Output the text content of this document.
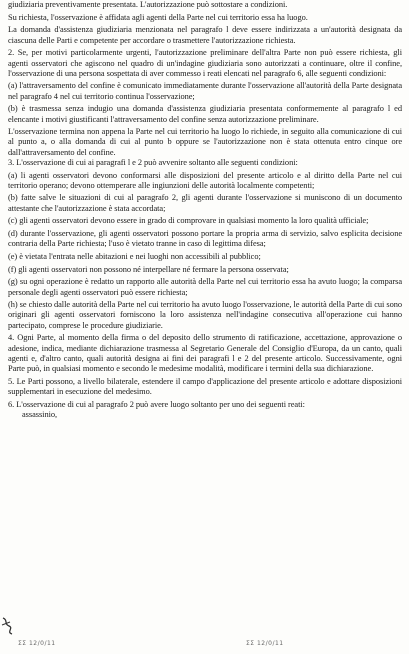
giudiziaria preventivamente presentata. L'autorizzazione può sottostare a condizioni.

Su richiesta, l'osservazione è affidata agli agenti della Parte nel cui territorio essa ha luogo.

La domanda d'assistenza giudiziaria menzionata nel paragrafo l deve essere indirizzata a un'autorità designata da ciascuna delle Parti e competente per accordare o trasmettere l'autorizzazione richiesta.

2. Se, per motivi particolarmente urgenti, l'autorizzazione preliminare dell'altra Parte non può essere richiesta, gli agenti osservatori che agiscono nel quadro di un'indagine giudiziaria sono autorizzati a continuare, oltre il confine, l'osservazione di una persona sospettata di aver commesso i reati elencati nel paragrafo 6, alle seguenti condizioni:

(a) l'attraversamento del confine è comunicato immediatamente durante l'osservazione all'autorità della Parte designata nel paragrafo 4 nel cui territorio continua l'osservazione;

(b) è trasmessa senza indugio una domanda d'assistenza giudiziaria presentata conformemente al paragrafo l ed elencante i motivi giustificanti l'attraversamento del confine senza autorizzazione preliminare.

L'osservazione termina non appena la Parte nel cui territorio ha luogo lo richiede, in seguito alla comunicazione di cui al punto a, o alla domanda di cui al punto b oppure se l'autorizzazione non è stata ottenuta entro cinque ore dall'attraversamento del confine.

3. L'osservazione di cui ai paragrafi l e 2 può avvenire soltanto alle seguenti condizioni:

(a) li agenti osservatori devono conformarsi alle disposizioni del presente articolo e al diritto della Parte nel cui territorio operano; devono ottemperare alle ingiunzioni delle autorità localmente competenti;

(b) fatte salve le situazioni di cui al paragrafo 2, gli agenti durante l'osservazione si muniscono di un documento attestante che l'autorizzazione è stata accordata;

(c) gli agenti osservatori devono essere in grado di comprovare in qualsiasi momento la loro qualità ufficiale;

(d) durante l'osservazione, gli agenti osservatori possono portare la propria arma di servizio, salvo esplicita decisione contraria della Parte richiesta; l'uso è vietato tranne in caso di legittima difesa;

(e) è vietata l'entrata nelle abitazioni e nei luoghi non accessibili al pubblico;

(f) gli agenti osservatori non possono né interpellare né fermare la persona osservata;

(g) su ogni operazione è redatto un rapporto alle autorità della Parte nel cui territorio essa ha avuto luogo; la comparsa personale degli agenti osservatori può essere richiesta;

(h) se chiesto dalle autorità della Parte nel cui territorio ha avuto luogo l'osservazione, le autorità della Parte di cui sono originari gli agenti osservatori forniscono la loro assistenza nell'indagine consecutiva all'operazione cui hanno partecipato, comprese le procedure giudiziarie.

4. Ogni Parte, al momento della firma o del deposito dello strumento di ratificazione, accettazione, approvazione o adesione, indica, mediante dichiarazione trasmessa al Segretario Generale del Consiglio d'Europa, da un canto, quali agenti e, d'altro canto, quali autorità designa ai fini dei paragrafi l e 2 del presente articolo. Successivamente, ogni Parte può, in qualsiasi momento e secondo le medesime modalità, modificare i termini della sua dichiarazione.

5. Le Parti possono, a livello bilaterale, estendere il campo d'applicazione del presente articolo e adottare disposizioni supplementari in esecuzione del medesimo.

6. L'osservazione di cui al paragrafo 2 può avere luogo soltanto per uno dei seguenti reati:

assassinio,

ΣΣ 12/0/11	ΣΣ 12/0/11
